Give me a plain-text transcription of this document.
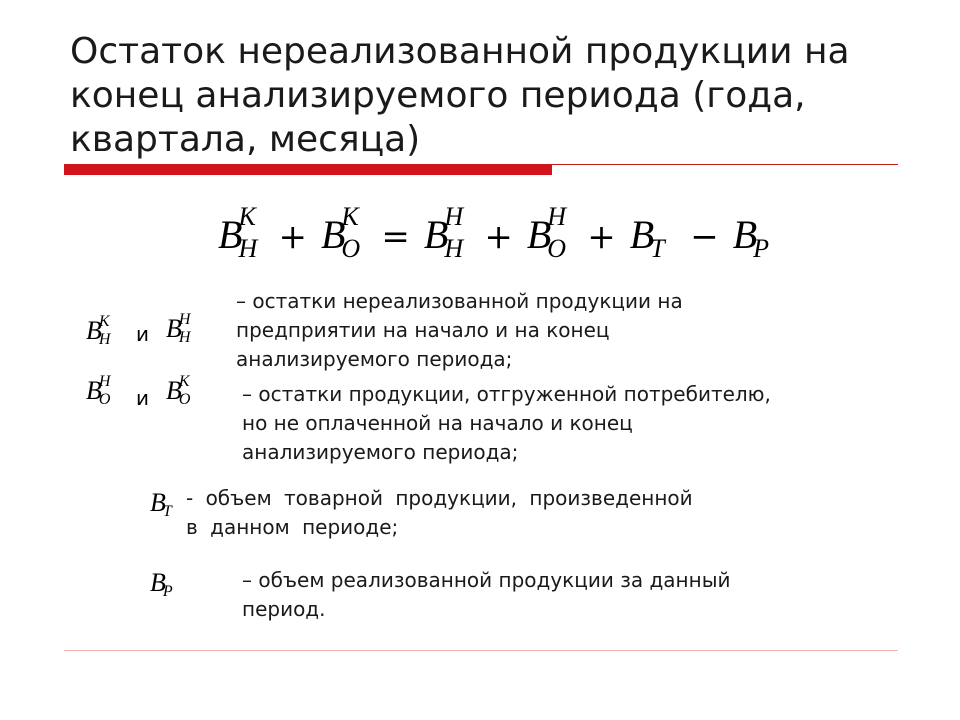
Остаток нереализованной продукции на конец анализируемого периода (года, квартала, месяца)
B
К
Н + B
К
О = B
Н
Н + B
Н
О + B
Т − B
Р
B
К
Н и B
Н
Н
– остатки нереализованной продукции на
предприятии на начало и на конец
анализируемого периода;
B
Н
О и B
К
О	– остатки продукции, отгруженной потребителю,
но не оплаченной на начало и конец
анализируемого периода;
B
Т
- объем товарной продукции, произведенной
в данном периоде;
B
Р	– объем реализованной продукции за данный
период.
